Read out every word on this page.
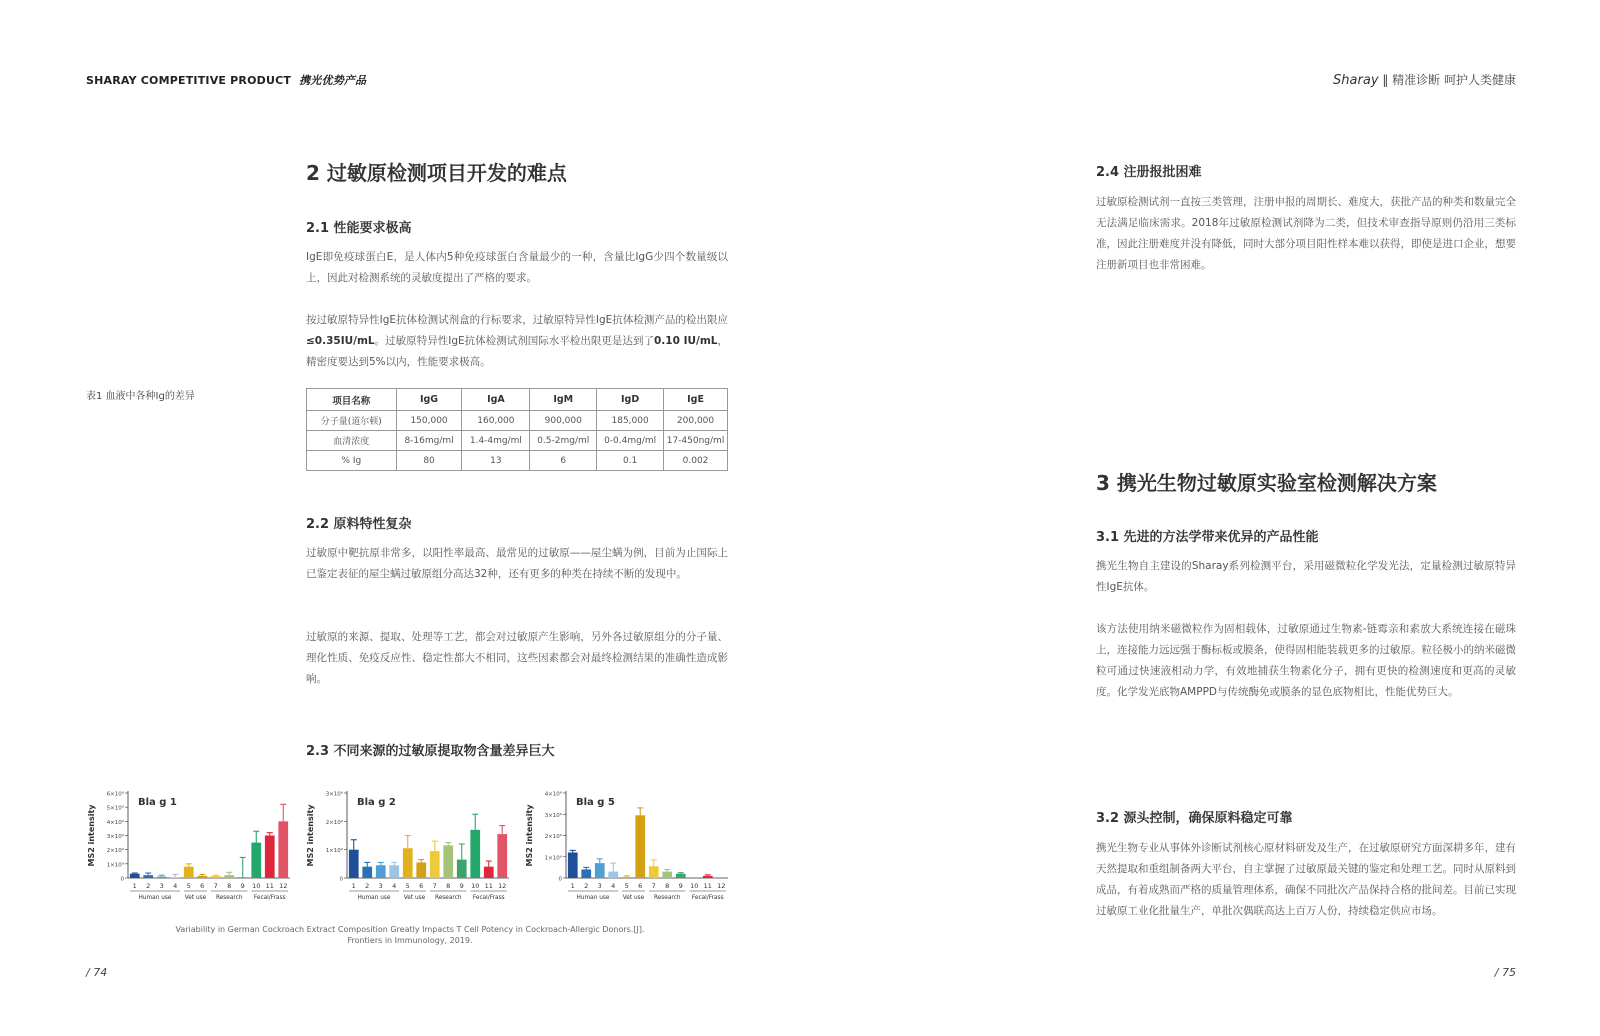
SHARAY COMPETITIVE PRODUCT 携光优势产品	Sharay ‖ 精准诊断 呵护人类健康
2 过敏原检测项目开发的难点
2.1 性能要求极高
IgE即免疫球蛋白E，是人体内5种免疫球蛋白含量最少的一种，含量比IgG少四个数量级以上，因此对检测系统的灵敏度提出了严格的要求。
按过敏原特异性IgE抗体检测试剂盒的行标要求，过敏原特异性IgE抗体检测产品的检出限应≤0.35IU/mL。过敏原特异性IgE抗体检测试剂国际水平检出限更是达到了0.10 IU/mL，精密度要达到5%以内，性能要求极高。
表1 血液中各种Ig的差异	项目名称	IgG	IgA	IgM	IgD	IgE
分子量(道尔顿)	150,000	160,000	900,000	185,000	200,000
血清浓度	8-16mg/ml	1.4-4mg/ml	0.5-2mg/ml	0-0.4mg/ml	17-450ng/ml
% Ig	80	13	6	0.1	0.002
2.2 原料特性复杂
过敏原中靶抗原非常多，以阳性率最高、最常见的过敏原——屋尘螨为例，目前为止国际上已鉴定表征的屋尘螨过敏原组分高达32种，还有更多的种类在持续不断的发现中。
过敏原的来源、提取、处理等工艺，都会对过敏原产生影响，另外各过敏原组分的分子量、理化性质、免疫反应性、稳定性都大不相同，这些因素都会对最终检测结果的准确性造成影响。
2.3 不同来源的过敏原提取物含量差异巨大
MS2 intensity
Bla g 1
0
1×10⁹
2×10⁹
3×10⁹
4×10⁹
5×10⁹
6×10⁹
1 2 3 4 5 6 7 8 9 10 11 12
Human use Vet use Research Fecal/Frass
MS2 intensity
Bla g 2
0
1×10⁹
2×10⁹
3×10⁹
1 2 3 4 5 6 7 8 9 10 11 12
Human use Vet use Research Fecal/Frass
MS2 intensity
Bla g 5
0
1×10⁹
2×10⁹
3×10⁹
4×10⁹
1 2 3 4 5 6 7 8 9 10 11 12
Human use Vet use Research Fecal/Frass
Variability in German Cockroach Extract Composition Greatly Impacts T Cell Potency in Cockroach-Allergic Donors.[J].
Frontiers in Immunology, 2019.
/ 74
2.4 注册报批困难
过敏原检测试剂一直按三类管理，注册申报的周期长、难度大，获批产品的种类和数量完全无法满足临床需求。2018年过敏原检测试剂降为二类，但技术审查指导原则仍沿用三类标准，因此注册难度并没有降低，同时大部分项目阳性样本难以获得，即使是进口企业，想要注册新项目也非常困难。
3 携光生物过敏原实验室检测解决方案
3.1 先进的方法学带来优异的产品性能
携光生物自主建设的Sharay系列检测平台，采用磁微粒化学发光法，定量检测过敏原特异性IgE抗体。
该方法使用纳米磁微粒作为固相载体，过敏原通过生物素-链霉亲和素放大系统连接在磁珠上，连接能力远远强于酶标板或膜条，使得固相能装载更多的过敏原。粒径极小的纳米磁微粒可通过快速液相动力学，有效地捕获生物素化分子，拥有更快的检测速度和更高的灵敏度。化学发光底物AMPPD与传统酶免或膜条的显色底物相比，性能优势巨大。
3.2 源头控制，确保原料稳定可靠
携光生物专业从事体外诊断试剂核心原材料研发及生产，在过敏原研究方面深耕多年，建有天然提取和重组制备两大平台，自主掌握了过敏原最关键的鉴定和处理工艺。同时从原料到成品，有着成熟而严格的质量管理体系，确保不同批次产品保持合格的批间差。目前已实现过敏原工业化批量生产，单批次偶联高达上百万人份，持续稳定供应市场。
/ 75
